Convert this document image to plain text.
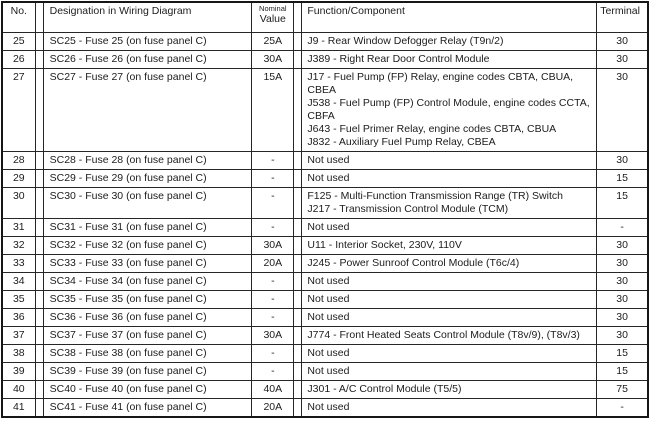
No.		Designation in Wiring Diagram	Nominal
Value		Function/Component	Terminal
25		SC25 - Fuse 25 (on fuse panel C)	25A		J9 - Rear Window Defogger Relay (T9n/2)	30
26		SC26 - Fuse 26 (on fuse panel C)	30A		J389 - Right Rear Door Control Module	30
27		SC27 - Fuse 27 (on fuse panel C)	15A		J17 - Fuel Pump (FP) Relay, engine codes CBTA, CBUA,
CBEA
J538 - Fuel Pump (FP) Control Module, engine codes CCTA,
CBFA
J643 - Fuel Primer Relay, engine codes CBTA, CBUA
J832 - Auxiliary Fuel Pump Relay, CBEA
	30
28		SC28 - Fuse 28 (on fuse panel C)	-		Not used	30
29		SC29 - Fuse 29 (on fuse panel C)	-		Not used	15
30		SC30 - Fuse 30 (on fuse panel C)	-		F125 - Multi-Function Transmission Range (TR) Switch
J217 - Transmission Control Module (TCM)	15
31		SC31 - Fuse 31 (on fuse panel C)	-		Not used	-
32		SC32 - Fuse 32 (on fuse panel C)	30A		U11 - Interior Socket, 230V, 110V	30
33		SC33 - Fuse 33 (on fuse panel C)	20A		J245 - Power Sunroof Control Module (T6c/4)	30
34		SC34 - Fuse 34 (on fuse panel C)	-		Not used	30
35		SC35 - Fuse 35 (on fuse panel C)	-		Not used	30
36		SC36 - Fuse 36 (on fuse panel C)	-		Not used	30
37		SC37 - Fuse 37 (on fuse panel C)	30A		J774 - Front Heated Seats Control Module (T8v/9), (T8v/3)	30
38		SC38 - Fuse 38 (on fuse panel C)	-		Not used	15
39		SC39 - Fuse 39 (on fuse panel C)	-		Not used	15
40		SC40 - Fuse 40 (on fuse panel C)	40A		J301 - A/C Control Module (T5/5)	75
41		SC41 - Fuse 41 (on fuse panel C)	20A		Not used	-
